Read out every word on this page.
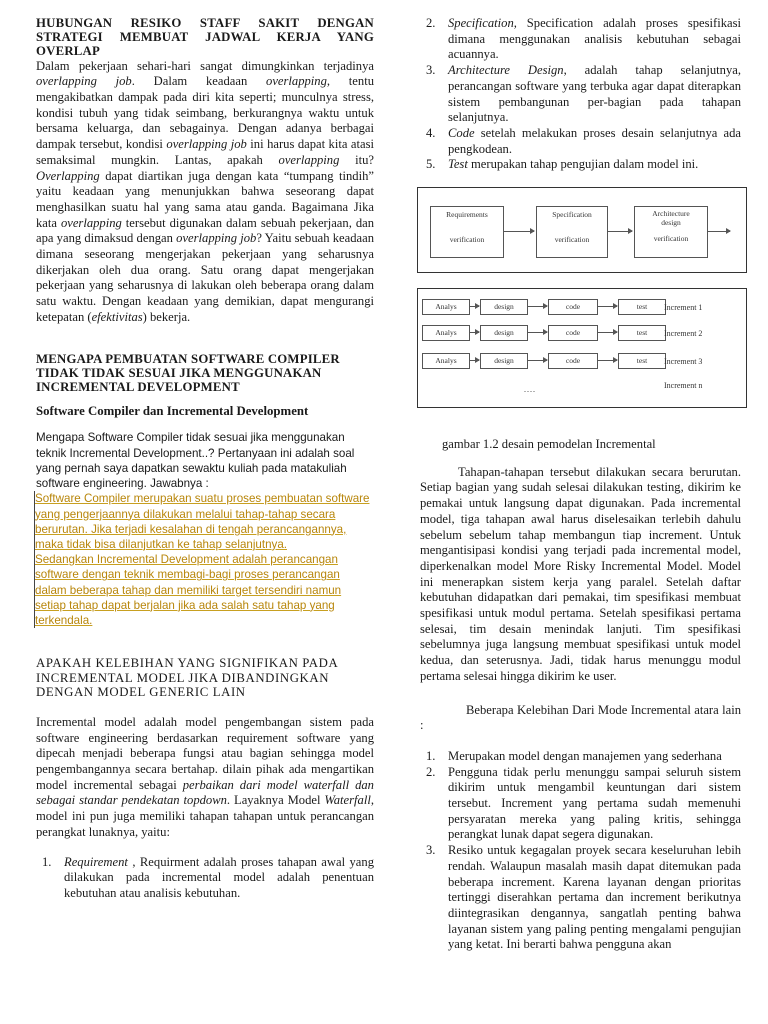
HUBUNGAN RESIKO STAFF SAKIT DENGAN STRATEGI MEMBUAT JADWAL KERJA YANG OVERLAP

Dalam pekerjaan sehari-hari sangat dimungkinkan terjadinya overlapping job. Dalam keadaan overlapping, tentu mengakibatkan dampak pada diri kita seperti; munculnya stress, kondisi tubuh yang tidak seimbang, berkurangnya waktu untuk bersama keluarga, dan sebagainya. Dengan adanya berbagai dampak tersebut, kondisi overlapping job ini harus dapat kita atasi semaksimal mungkin. Lantas, apakah overlapping itu? Overlapping dapat diartikan juga dengan kata “tumpang tindih” yaitu keadaan yang menunjukkan bahwa seseorang dapat menghasilkan suatu hal yang sama atau ganda. Bagaimana Jika kata overlapping tersebut digunakan dalam sebuah pekerjaan, dan apa yang dimaksud dengan overlapping job? Yaitu sebuah keadaan dimana seseorang mengerjakan pekerjaan yang seharusnya dikerjakan oleh dua orang. Satu orang dapat mengerjakan pekerjaan yang seharusnya di lakukan oleh beberapa orang dalam satu waktu. Dengan keadaan yang demikian, dapat mengurangi ketepatan (efektivitas) bekerja.

MENGAPA PEMBUATAN SOFTWARE COMPILER TIDAK TIDAK SESUAI JIKA MENGGUNAKAN INCREMENTAL DEVELOPMENT
Software Compiler dan Incremental Development

Mengapa Software Compiler tidak sesuai jika menggunakan teknik Incremental Development..? Pertanyaan ini adalah soal yang pernah saya dapatkan sewaktu kuliah pada matakuliah software engineering. Jawabnya :

Software Compiler merupakan suatu proses pembuatan software yang pengerjaannya dilakukan melalui tahap-tahap secara berurutan. Jika terjadi kesalahan di tengah perancangannya, maka tidak bisa dilanjutkan ke tahap selanjutnya.
Sedangkan Incremental Development adalah perancangan software dengan teknik membagi-bagi proses perancangan dalam beberapa tahap dan memiliki target tersendiri namun setiap tahap dapat berjalan jika ada salah satu tahap yang terkendala.
APAKAH KELEBIHAN YANG SIGNIFIKAN PADA INCREMENTAL MODEL JIKA DIBANDINGKAN DENGAN MODEL GENERIC LAIN

Incremental model adalah model pengembangan sistem pada software engineering berdasarkan requirement software yang dipecah menjadi beberapa fungsi atau bagian sehingga model pengembangannya secara bertahap. dilain pihak ada mengartikan model incremental sebagai perbaikan dari model waterfall dan sebagai standar pendekatan topdown. Layaknya Model Waterfall, model ini pun juga memiliki tahapan tahapan untuk perancangan perangkat lunaknya, yaitu:

1. Requirement , Requirment adalah proses tahapan awal yang dilakukan pada incremental model adalah penentuan kebutuhan atau analisis kebutuhan.
2. Specification, Specification adalah proses spesifikasi dimana menggunakan analisis kebutuhan sebagai acuannya.
3. Architecture Design, adalah tahap selanjutnya, perancangan software yang terbuka agar dapat diterapkan sistem pembangunan per-bagian pada tahapan selanjutnya.
4. Code setelah melakukan proses desain selanjutnya ada pengkodean.
5. Test merupakan tahap pengujian dalam model ini.
Requirements
verification
Specification
verification
Architecture design
verification
Analys	design	code	test	Increment 1
Analys	design	code	test	Increment 2
Analys	design	code	test	Increment 3
Increment n
....

gambar 1.2 desain pemodelan Incremental

Tahapan-tahapan tersebut dilakukan secara berurutan. Setiap bagian yang sudah selesai dilakukan testing, dikirim ke pemakai untuk langsung dapat digunakan. Pada incremental model, tiga tahapan awal harus diselesaikan terlebih dahulu sebelum sebelum tahap membangun tiap increment. Untuk mengantisipasi kondisi yang terjadi pada incremental model, diperkenalkan model More Risky Incremental Model. Model ini menerapkan sistem kerja yang paralel. Setelah daftar kebutuhan didapatkan dari pemakai, tim spesifikasi membuat spesifikasi untuk modul pertama. Setelah spesifikasi pertama selesai, tim desain menindak lanjuti. Tim spesifikasi sebelumnya juga langsung membuat spesifikasi untuk model kedua, dan seterusnya. Jadi, tidak harus menunggu modul pertama selesai hingga dikirim ke user.

Beberapa Kelebihan Dari Mode Incremental atara lain :

1. Merupakan model dengan manajemen yang sederhana
2. Pengguna tidak perlu menunggu sampai seluruh sistem dikirim untuk mengambil keuntungan dari sistem tersebut. Increment yang pertama sudah memenuhi persyaratan mereka yang paling kritis, sehingga perangkat lunak dapat segera digunakan.
3. Resiko untuk kegagalan proyek secara keseluruhan lebih rendah. Walaupun masalah masih dapat ditemukan pada beberapa increment. Karena layanan dengan prioritas tertinggi diserahkan pertama dan increment berikutnya diintegrasikan dengannya, sangatlah penting bahwa layanan sistem yang paling penting mengalami pengujian yang ketat. Ini berarti bahwa pengguna akan
